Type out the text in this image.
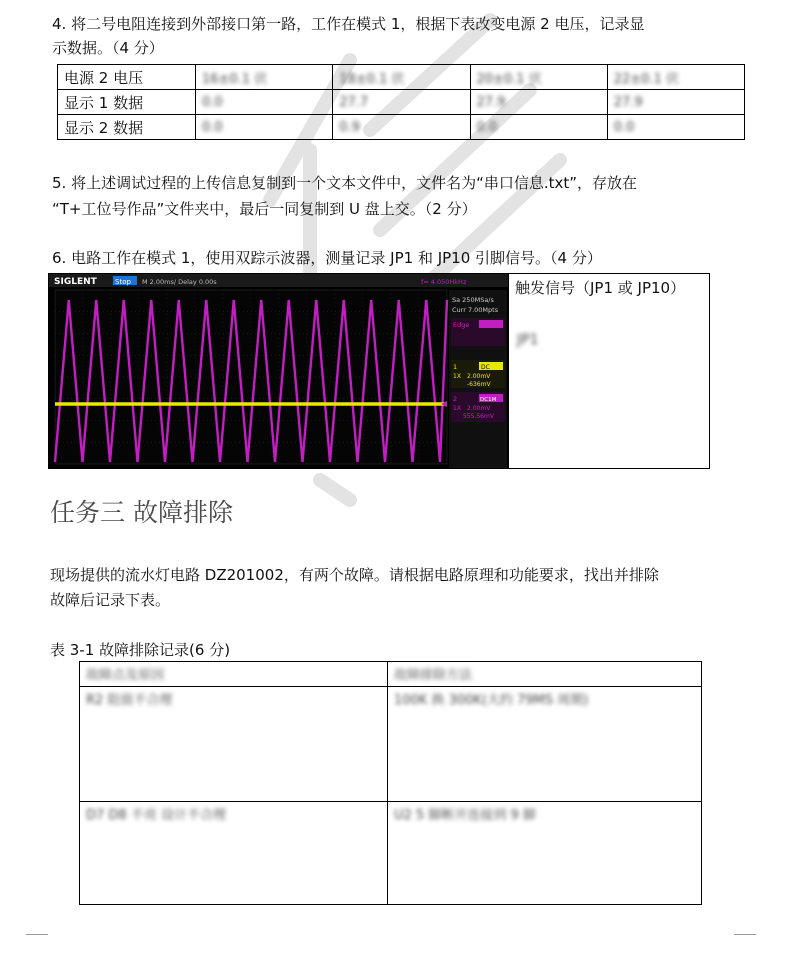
4. 将二号电阻连接到外部接口第一路，工作在模式 1，根据下表改变电源 2 电压，记录显
示数据。（4 分）
电源 2 电压	16±0.1 伏	18±0.1 伏	20±0.1 伏	22±0.1 伏
显示 1 数据	0.0	27.7	27.9	27.9
显示 2 数据	0.0	0.9	0.0	0.0
5. 将上述调试过程的上传信息复制到一个文本文件中，文件名为“串口信息.txt”，存放在
“T+工位号作品”文件夹中，最后一同复制到 U 盘上交。（2 分）
6. 电路工作在模式 1，使用双踪示波器，测量记录 JP1 和 JP10 引脚信号。（4 分）
SIGLENT	Stop M 2.00ms/ Delay 0.00s	f= 4.050HkHz
Sa 250MSa/s
Curr 7.00Mpts
Edge
1	DC
1X 2.00mV
-636mV
2	DC1M
1X 2.00mV
555.56mV
触发信号（JP1 或 JP10）
JP1
任务三 故障排除
现场提供的流水灯电路 DZ201002，有两个故障。请根据电路原理和功能要求，找出并排除
故障后记录下表。
表 3-1 故障排除记录(6 分)
故障点及原因	故障排除方法
R2 阻值不合理	100K 换 300K(大约 79MS 周期)
D7 D8 不亮 设计不合理	U2 5 脚断开连接到 9 脚
